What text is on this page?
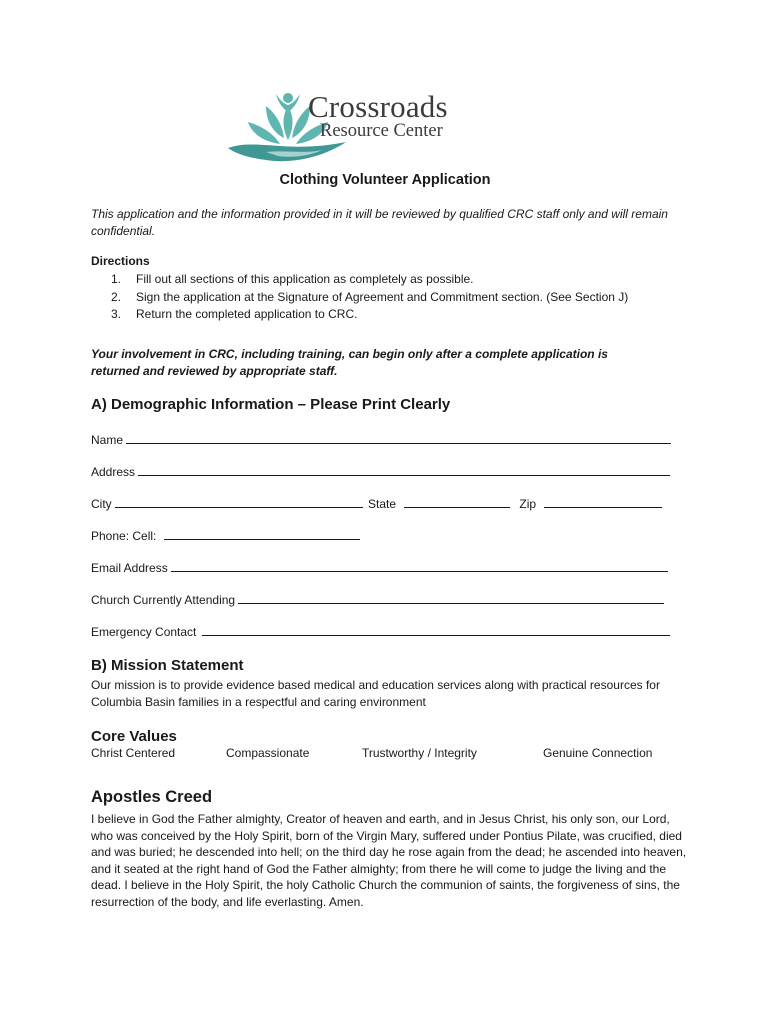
Crossroads
Resource Center
Clothing Volunteer Application
This application and the information provided in it will be reviewed by qualified CRC staff only and will remain confidential.
Directions
1. Fill out all sections of this application as completely as possible.
2. Sign the application at the Signature of Agreement and Commitment section. (See Section J)
3. Return the completed application to CRC.
Your involvement in CRC, including training, can begin only after a complete application is returned and reviewed by appropriate staff.
A) Demographic Information – Please Print Clearly
Name
Address
City	State	Zip
Phone: Cell:
Email Address
Church Currently Attending
Emergency Contact
B) Mission Statement
Our mission is to provide evidence based medical and education services along with practical resources for Columbia Basin families in a respectful and caring environment
Core Values
Christ Centered	Compassionate	Trustworthy / Integrity	Genuine Connection
Apostles Creed
I believe in God the Father almighty, Creator of heaven and earth, and in Jesus Christ, his only son, our Lord, who was conceived by the Holy Spirit, born of the Virgin Mary, suffered under Pontius Pilate, was crucified, died and was buried; he descended into hell; on the third day he rose again from the dead; he ascended into heaven, and it seated at the right hand of God the Father almighty; from there he will come to judge the living and the dead. I believe in the Holy Spirit, the holy Catholic Church the communion of saints, the forgiveness of sins, the resurrection of the body, and life everlasting. Amen.
